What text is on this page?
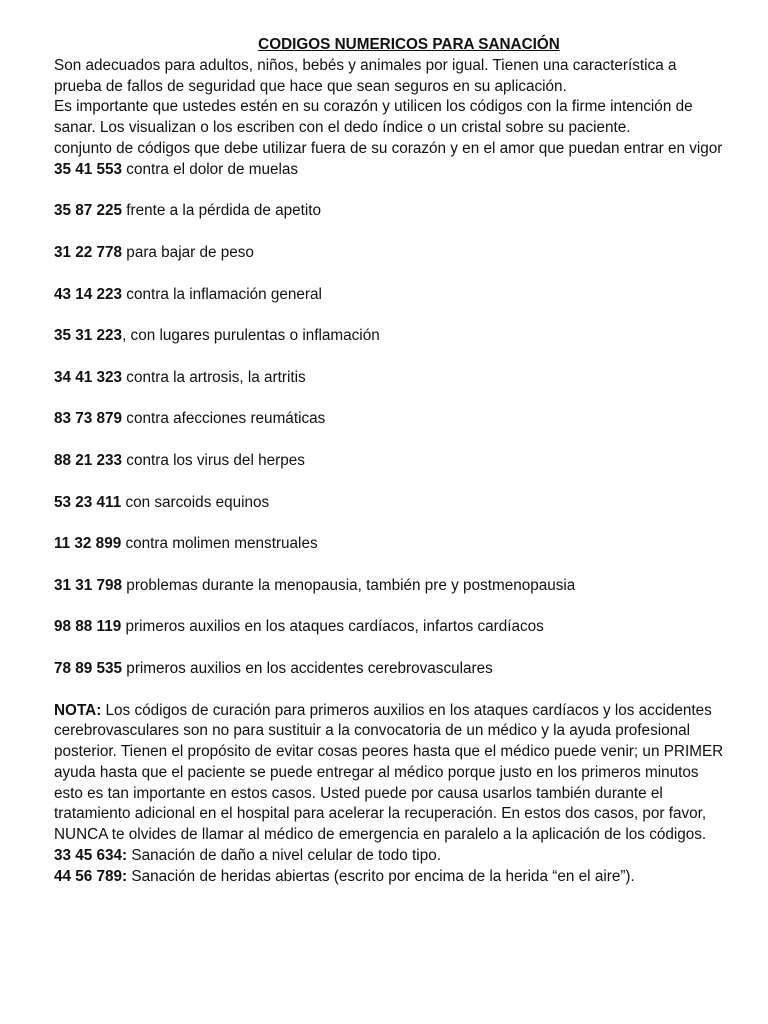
CODIGOS NUMERICOS PARA SANACIÓN

Son adecuados para adultos, niños, bebés y animales por igual. Tienen una característica a prueba de fallos de seguridad que hace que sean seguros en su aplicación.

Es importante que ustedes estén en su corazón y utilicen los códigos con la firme intención de sanar. Los visualizan o los escriben con el dedo índice o un cristal sobre su paciente.

conjunto de códigos que debe utilizar fuera de su corazón y en el amor que puedan entrar en vigor

35 41 553 contra el dolor de muelas

35 87 225 frente a la pérdida de apetito

31 22 778 para bajar de peso

43 14 223 contra la inflamación general

35 31 223, con lugares purulentas o inflamación

34 41 323 contra la artrosis, la artritis

83 73 879 contra afecciones reumáticas

88 21 233 contra los virus del herpes

53 23 411 con sarcoids equinos

11 32 899 contra molimen menstruales

31 31 798 problemas durante la menopausia, también pre y postmenopausia

98 88 119 primeros auxilios en los ataques cardíacos, infartos cardíacos

78 89 535 primeros auxilios en los accidentes cerebrovasculares

NOTA: Los códigos de curación para primeros auxilios en los ataques cardíacos y los accidentes cerebrovasculares son no para sustituir a la convocatoria de un médico y la ayuda profesional posterior. Tienen el propósito de evitar cosas peores hasta que el médico puede venir; un PRIMER ayuda hasta que el paciente se puede entregar al médico porque justo en los primeros minutos esto es tan importante en estos casos. Usted puede por causa usarlos también durante el tratamiento adicional en el hospital para acelerar la recuperación. En estos dos casos, por favor, NUNCA te olvides de llamar al médico de emergencia en paralelo a la aplicación de los códigos.

33 45 634: Sanación de daño a nivel celular de todo tipo.

44 56 789: Sanación de heridas abiertas (escrito por encima de la herida “en el aire”).
